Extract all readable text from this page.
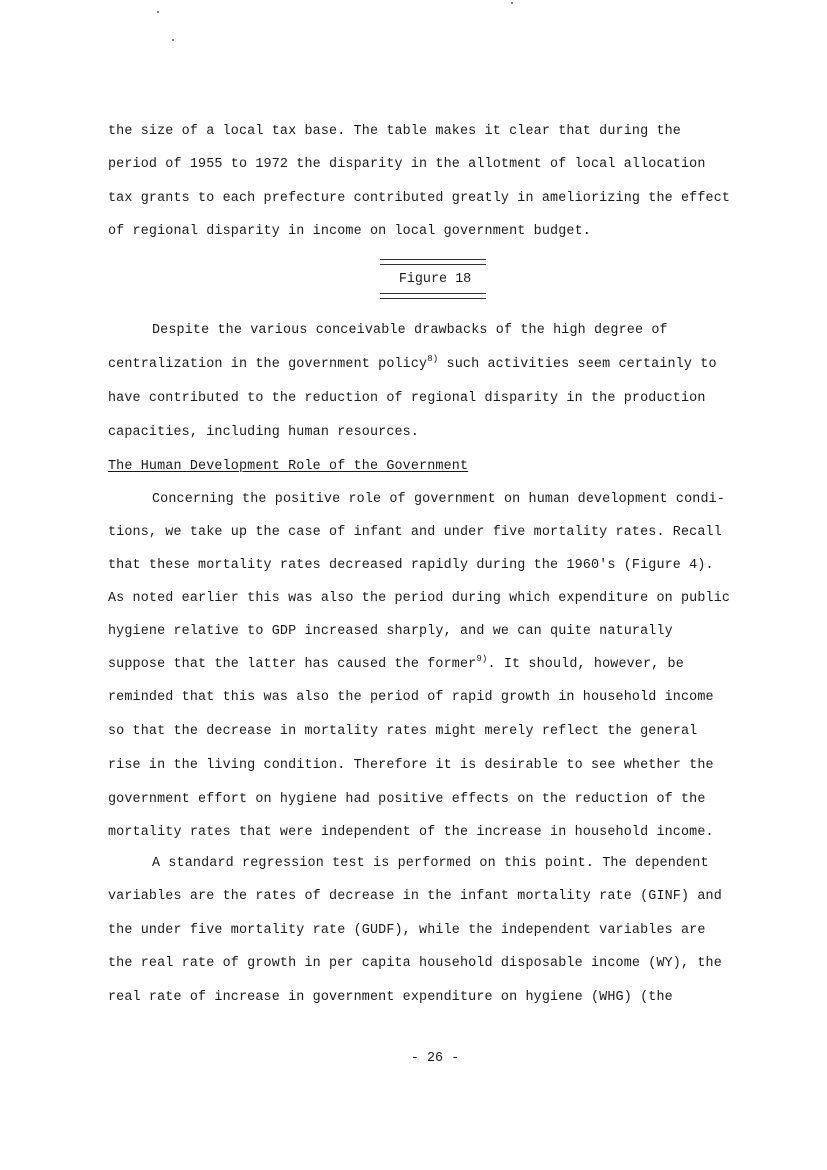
the size of a local tax base. The table makes it clear that during the
period of 1955 to 1972 the disparity in the allotment of local allocation
tax grants to each prefecture contributed greatly in ameliorizing the effect
of regional disparity in income on local government budget.
Figure 18
Despite the various conceivable drawbacks of the high degree of
centralization in the government policy$^{8)}$ such activities seem certainly to
have contributed to the reduction of regional disparity in the production
capacities, including human resources.
The Human Development Role of the Government
Concerning the positive role of government on human development condi-
tions, we take up the case of infant and under five mortality rates. Recall
that these mortality rates decreased rapidly during the 1960's (Figure 4).
As noted earlier this was also the period during which expenditure on public
hygiene relative to GDP increased sharply, and we can quite naturally
suppose that the latter has caused the former$^{9)}$. It should, however, be
reminded that this was also the period of rapid growth in household income
so that the decrease in mortality rates might merely reflect the general
rise in the living condition. Therefore it is desirable to see whether the
government effort on hygiene had positive effects on the reduction of the
mortality rates that were independent of the increase in household income.
A standard regression test is performed on this point. The dependent
variables are the rates of decrease in the infant mortality rate (GINF) and
the under five mortality rate (GUDF), while the independent variables are
the real rate of growth in per capita household disposable income (WY), the
real rate of increase in government expenditure on hygiene (WHG) (the
- 26 -
